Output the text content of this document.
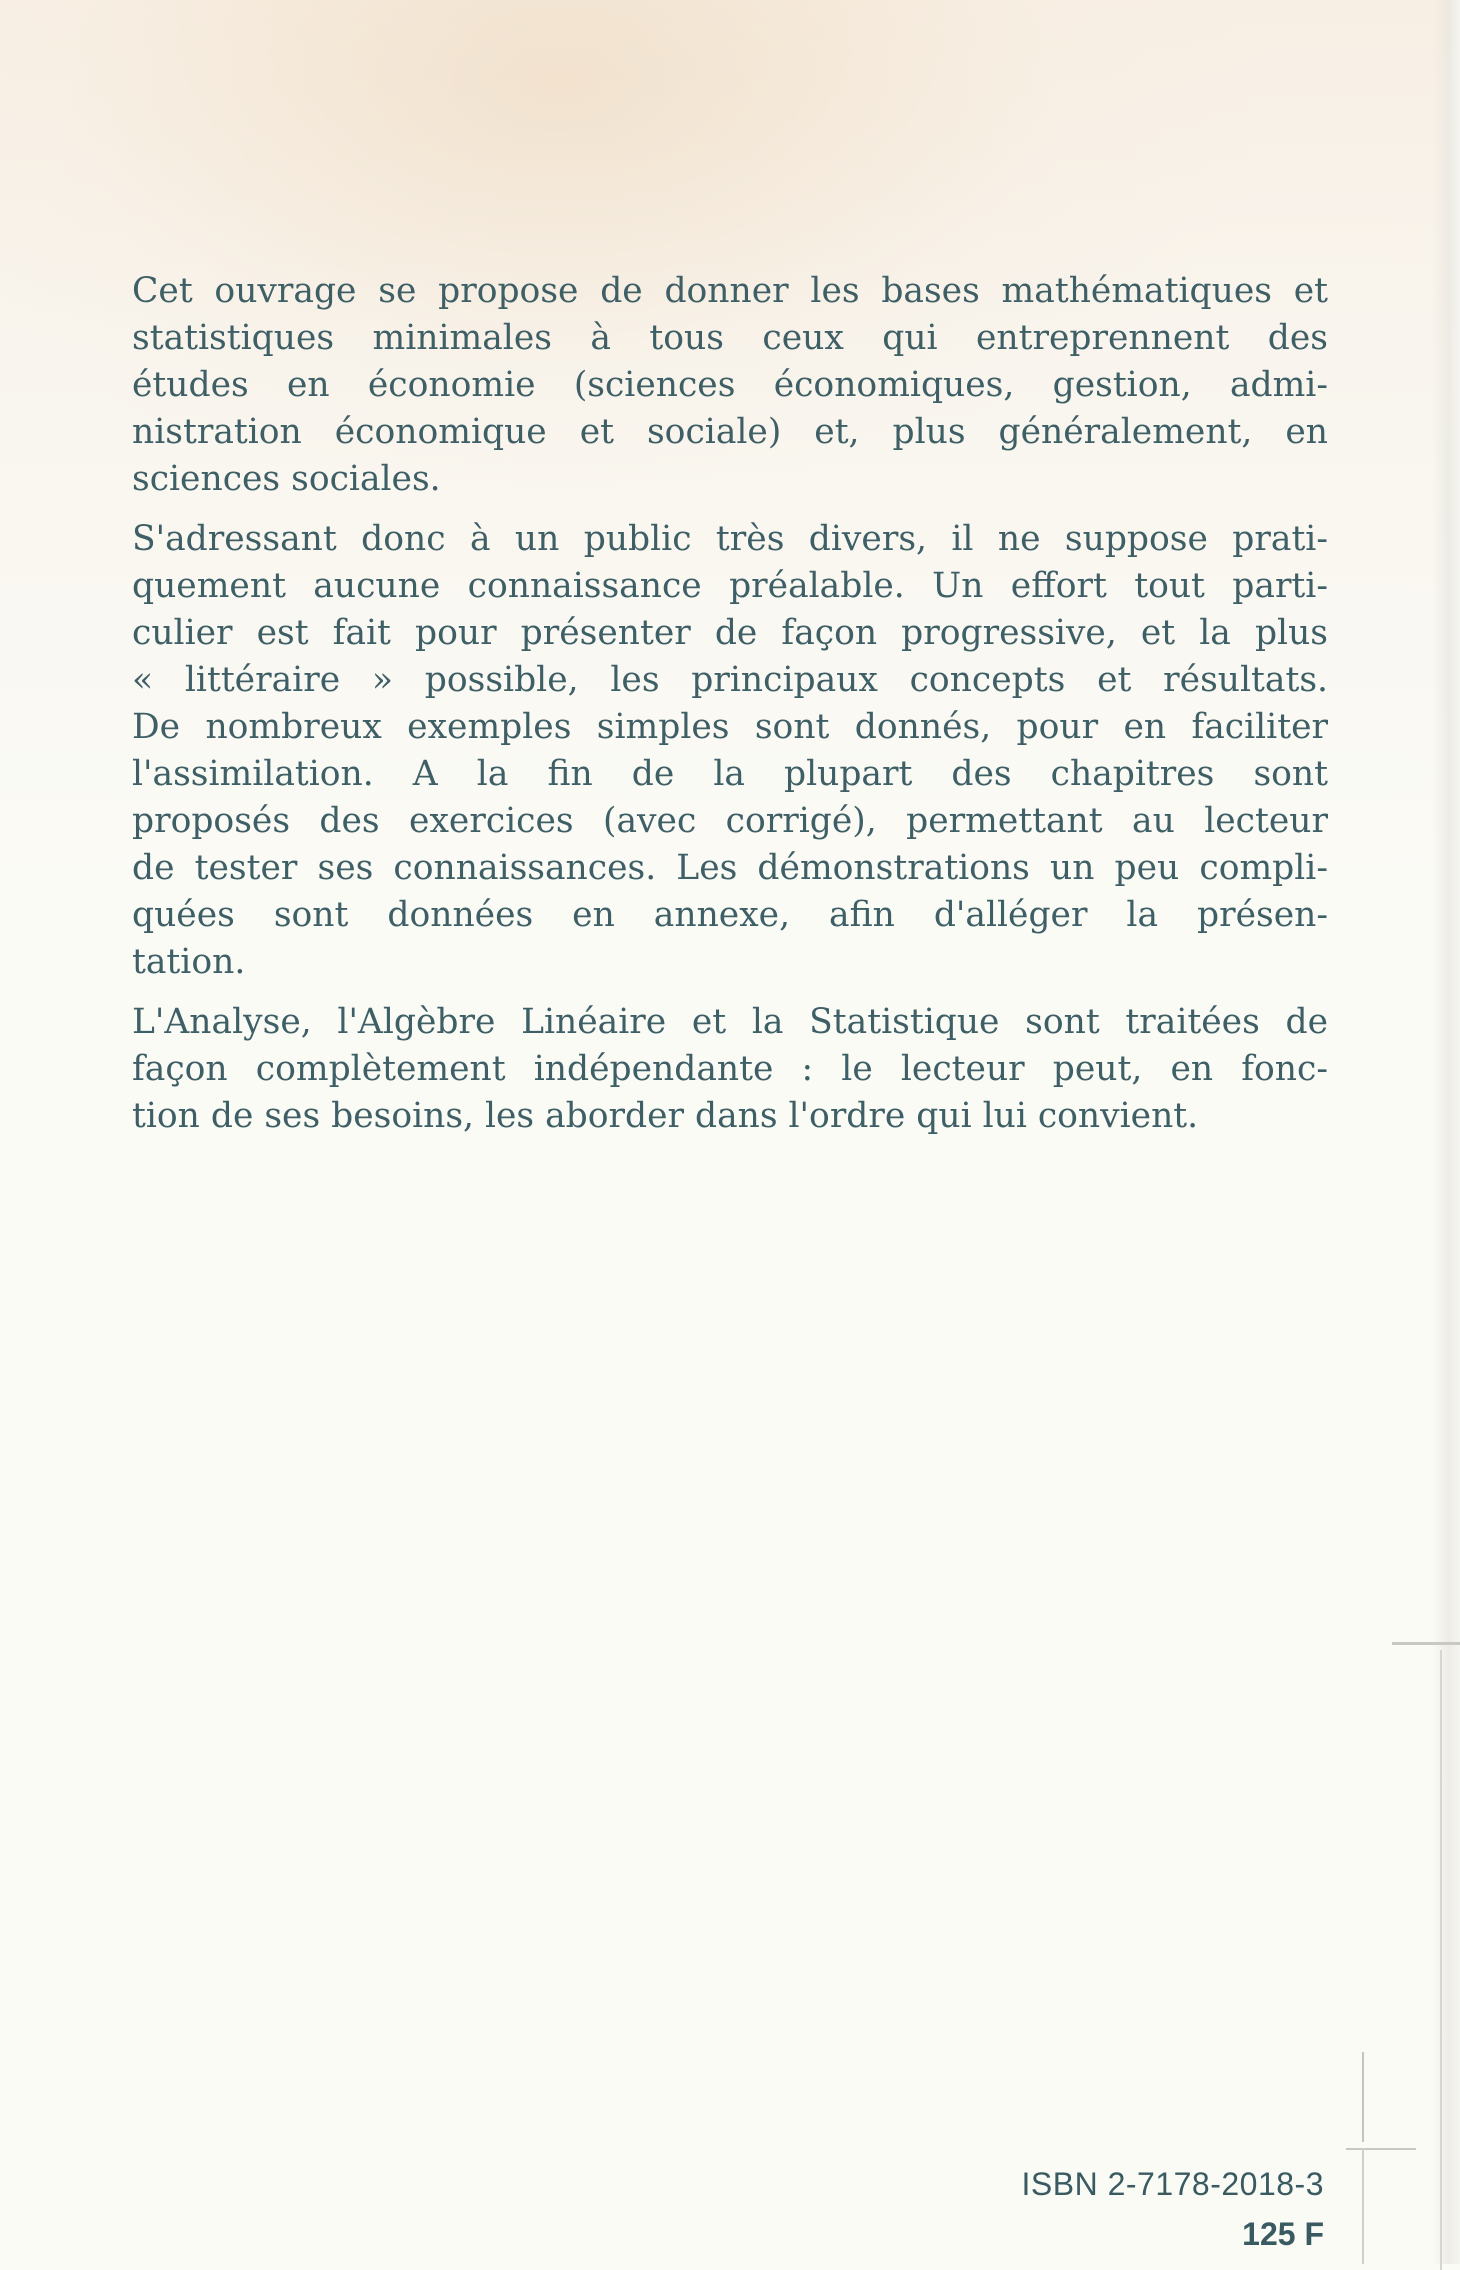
Cet ouvrage se propose de donner les bases mathématiques et
statistiques minimales à tous ceux qui entreprennent des
études en économie (sciences économiques, gestion, admi-
nistration économique et sociale) et, plus généralement, en
sciences sociales.
S'adressant donc à un public très divers, il ne suppose prati-
quement aucune connaissance préalable. Un effort tout parti-
culier est fait pour présenter de façon progressive, et la plus
« littéraire » possible, les principaux concepts et résultats.
De nombreux exemples simples sont donnés, pour en faciliter
l'assimilation. A la fin de la plupart des chapitres sont
proposés des exercices (avec corrigé), permettant au lecteur
de tester ses connaissances. Les démonstrations un peu compli-
quées sont données en annexe, afin d'alléger la présen-
tation.
L'Analyse, l'Algèbre Linéaire et la Statistique sont traitées de
façon complètement indépendante : le lecteur peut, en fonc-
tion de ses besoins, les aborder dans l'ordre qui lui convient.
ISBN 2-7178-2018-3
125 F
